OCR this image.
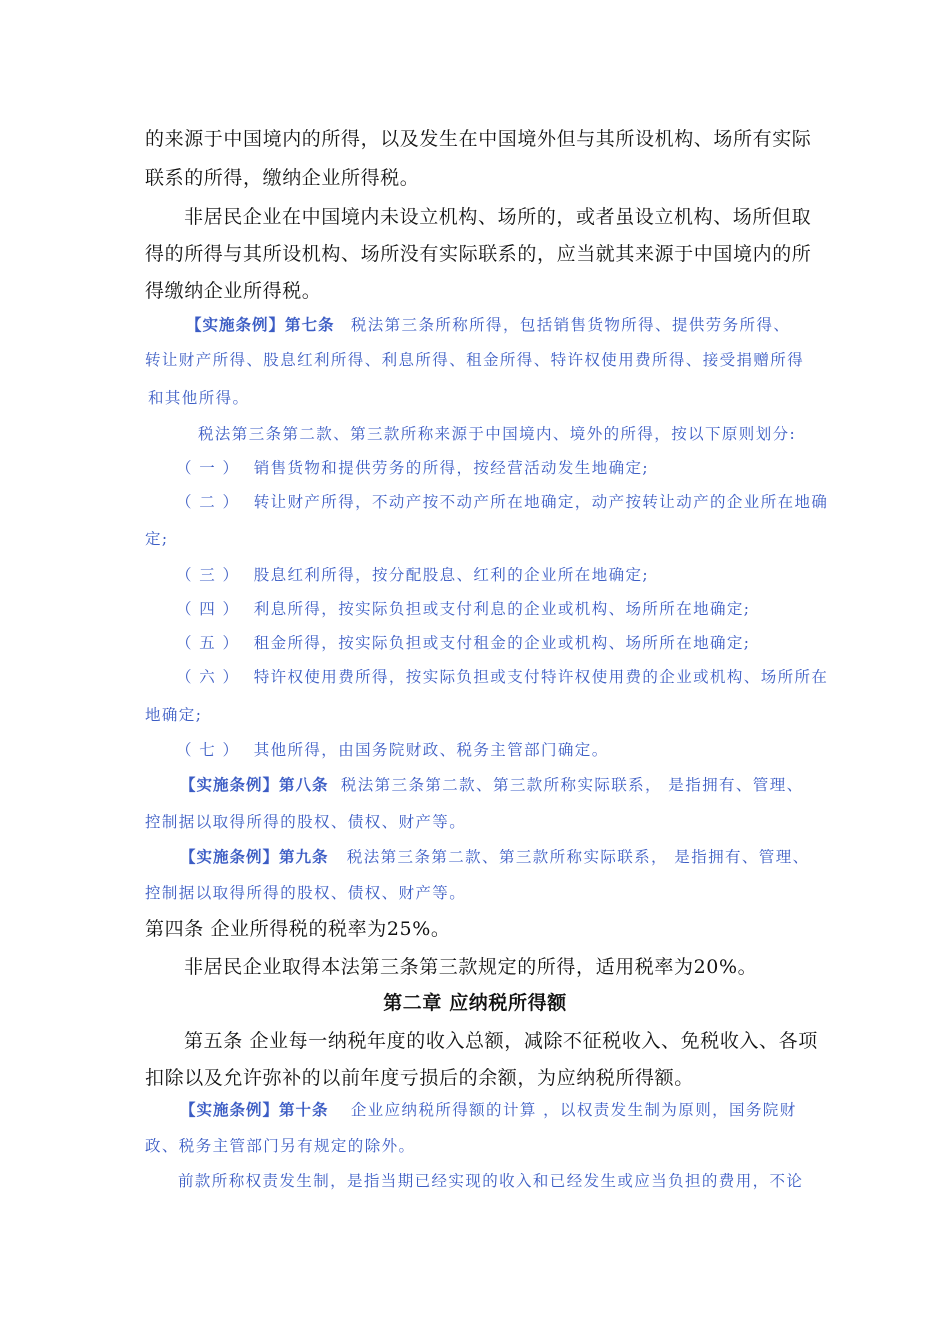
的来源于中国境内的所得，以及发生在中国境外但与其所设机构、场所有实际
联系的所得，缴纳企业所得税。
非居民企业在中国境内未设立机构、场所的，或者虽设立机构、场所但取
得的所得与其所设机构、场所没有实际联系的，应当就其来源于中国境内的所
得缴纳企业所得税。
【实施条例】第七条 税法第三条所称所得，包括销售货物所得、提供劳务所得、
转让财产所得、股息红利所得、利息所得、租金所得、特许权使用费所得、接受捐赠所得
和其他所得。
税法第三条第二款、第三款所称来源于中国境内、境外的所得，按以下原则划分:
（ 一 ） 销售货物和提供劳务的所得，按经营活动发生地确定;
（ 二 ） 转让财产所得，不动产按不动产所在地确定，动产按转让动产的企业所在地确
定;
（ 三 ） 股息红利所得，按分配股息、红利的企业所在地确定;
（ 四 ） 利息所得，按实际负担或支付利息的企业或机构、场所所在地确定;
（ 五 ） 租金所得，按实际负担或支付租金的企业或机构、场所所在地确定;
（ 六 ） 特许权使用费所得，按实际负担或支付特许权使用费的企业或机构、场所所在
地确定;
（ 七 ） 其他所得，由国务院财政、税务主管部门确定。
【实施条例】第八条 税法第三条第二款、第三款所称实际联系， 是指拥有、管理、
控制据以取得所得的股权、债权、财产等。
【实施条例】第九条 税法第三条第二款、第三款所称实际联系， 是指拥有、管理、
控制据以取得所得的股权、债权、财产等。
第四条 企业所得税的税率为25%。
非居民企业取得本法第三条第三款规定的所得，适用税率为20%。
第二章 应纳税所得额
第五条 企业每一纳税年度的收入总额，减除不征税收入、免税收入、各项
扣除以及允许弥补的以前年度亏损后的余额，为应纳税所得额。
【实施条例】第十条 企业应纳税所得额的计算 ，以权责发生制为原则，国务院财
政、税务主管部门另有规定的除外。
前款所称权责发生制，是指当期已经实现的收入和已经发生或应当负担的费用，不论
